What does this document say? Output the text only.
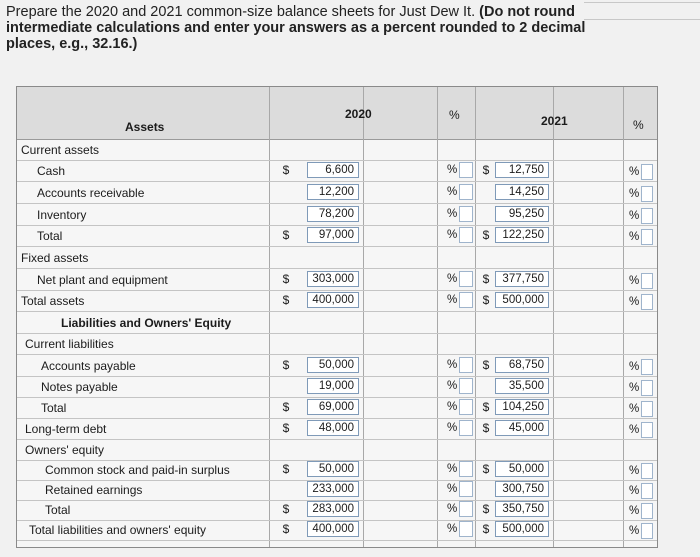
Prepare the 2020 and 2021 common-size balance sheets for Just Dew It. (Do not round intermediate calculations and enter your answers as a percent rounded to 2 decimal places, e.g., 32.16.)
Assets
2020	%	2021	%
Current assets
Cash	$	6,600	%	$	12,750	%
Accounts receivable	12,200	%	14,250	%
Inventory	78,200	%	95,250	%
Total	$	97,000	%	$	122,250	%
Fixed assets
Net plant and equipment	$	303,000	%	$	377,750	%
Total assets	$	400,000	%	$	500,000	%
Liabilities and Owners' Equity
Current liabilities
Accounts payable	$	50,000	%	$	68,750	%
Notes payable	19,000	%	35,500	%
Total	$	69,000	%	$	104,250	%
Long-term debt	$	48,000	%	$	45,000	%
Owners' equity
Common stock and paid-in surplus	$	50,000	%	$	50,000	%
Retained earnings	233,000	%	300,750	%
Total	$	283,000	%	$	350,750	%
Total liabilities and owners' equity	$	400,000	%	$	500,000	%
